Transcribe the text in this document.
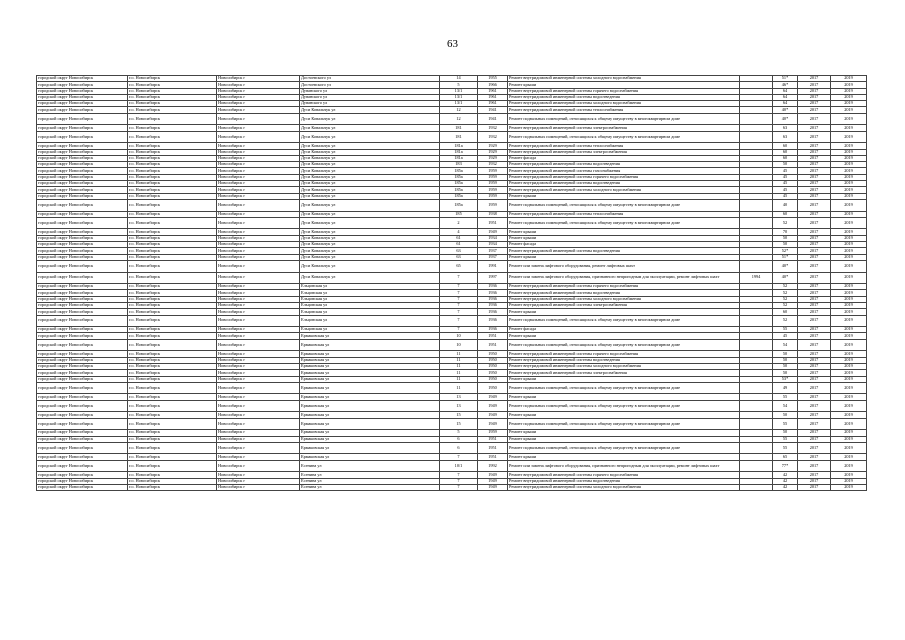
63
городской округ Новосибирск	г.о. Новосибирск	Новосибирск г	Достоевского ул	14	1955	Ремонт внутридомовой инженерной системы холодного водоснабжения		51*	2017	2019
городской округ Новосибирск	г.о. Новосибирск	Новосибирск г	Достоевского ул	5	1966	Ремонт крыши		46*	2017	2019
городской округ Новосибирск	г.о. Новосибирск	Новосибирск г	Дуванского ул	13/1	1961	Ремонт внутридомовой инженерной системы горячего водоснабжения		64	2017	2019
городской округ Новосибирск	г.о. Новосибирск	Новосибирск г	Дуванского ул	13/1	1961	Ремонт внутридомовой инженерной системы водоотведения		64	2017	2019
городской округ Новосибирск	г.о. Новосибирск	Новосибирск г	Дуванского ул	13/1	1961	Ремонт внутридомовой инженерной системы холодного водоснабжения		64	2017	2019
городской округ Новосибирск	г.о. Новосибирск	Новосибирск г	Дуси Ковальчук ул	12	1941	Ремонт внутридомовой инженерной системы теплоснабжения		40*	2017	2019
городской округ Новосибирск	г.о. Новосибирск	Новосибирск г	Дуси Ковальчук ул	12	1941	Ремонт подвальных помещений, относящихся к общему имуществу в многоквартирном доме		40*	2017	2019
городской округ Новосибирск	г.о. Новосибирск	Новосибирск г	Дуси Ковальчук ул	181	1932	Ремонт внутридомовой инженерной системы электроснабжения		63	2017	2019
городской округ Новосибирск	г.о. Новосибирск	Новосибирск г	Дуси Ковальчук ул	181	1932	Ремонт подвальных помещений, относящихся к общему имуществу в многоквартирном доме		63	2017	2019
городской округ Новосибирск	г.о. Новосибирск	Новосибирск г	Дуси Ковальчук ул	181а	1929	Ремонт внутридомовой инженерной системы теплоснабжения		60	2017	2019
городской округ Новосибирск	г.о. Новосибирск	Новосибирск г	Дуси Ковальчук ул	181а	1929	Ремонт внутридомовой инженерной системы электроснабжения		60	2017	2019
городской округ Новосибирск	г.о. Новосибирск	Новосибирск г	Дуси Ковальчук ул	181а	1929	Ремонт фасада		60	2017	2019
городской округ Новосибирск	г.о. Новосибирск	Новосибирск г	Дуси Ковальчук ул	183	1932	Ремонт внутридомовой инженерной системы водоотведения		50	2017	2019
городской округ Новосибирск	г.о. Новосибирск	Новосибирск г	Дуси Ковальчук ул	185а	1959	Ремонт внутридомовой инженерной системы газоснабжения		45	2017	2019
городской округ Новосибирск	г.о. Новосибирск	Новосибирск г	Дуси Ковальчук ул	185а	1959	Ремонт внутридомовой инженерной системы горячего водоснабжения		45	2017	2019
городской округ Новосибирск	г.о. Новосибирск	Новосибирск г	Дуси Ковальчук ул	185а	1959	Ремонт внутридомовой инженерной системы водоотведения		45	2017	2019
городской округ Новосибирск	г.о. Новосибирск	Новосибирск г	Дуси Ковальчук ул	185а	1959	Ремонт внутридомовой инженерной системы холодного водоснабжения		45	2017	2019
городской округ Новосибирск	г.о. Новосибирск	Новосибирск г	Дуси Ковальчук ул	185а	1959	Ремонт крыши		45	2017	2019
городской округ Новосибирск	г.о. Новосибирск	Новосибирск г	Дуси Ковальчук ул	185а	1959	Ремонт подвальных помещений, относящихся к общему имуществу в многоквартирном доме		40	2017	2019
городской округ Новосибирск	г.о. Новосибирск	Новосибирск г	Дуси Ковальчук ул	185	1938	Ремонт внутридомовой инженерной системы теплоснабжения		60	2017	2019
городской округ Новосибирск	г.о. Новосибирск	Новосибирск г	Дуси Ковальчук ул	2	1951	Ремонт подвальных помещений, относящихся к общему имуществу в многоквартирном доме		52	2017	2019
городской округ Новосибирск	г.о. Новосибирск	Новосибирск г	Дуси Ковальчук ул	4	1949	Ремонт крыши		70	2017	2019
городской округ Новосибирск	г.о. Новосибирск	Новосибирск г	Дуси Ковальчук ул	61	1934	Ремонт крыши		50	2017	2019
городской округ Новосибирск	г.о. Новосибирск	Новосибирск г	Дуси Ковальчук ул	61	1934	Ремонт фасада		50	2017	2019
городской округ Новосибирск	г.о. Новосибирск	Новосибирск г	Дуси Ковальчук ул	63	1937	Ремонт внутридомовой инженерной системы водоотведения		52*	2017	2019
городской округ Новосибирск	г.о. Новосибирск	Новосибирск г	Дуси Ковальчук ул	63	1937	Ремонт крыши		51*	2017	2019
городской округ Новосибирск	г.о. Новосибирск	Новосибирск г	Дуси Ковальчук ул	65	1991	Ремонт или замена лифтового оборудования, ремонт лифтовых шахт		40*	2017	2019
городской округ Новосибирск	г.о. Новосибирск	Новосибирск г	Дуси Ковальчук ул	7	1997	Ремонт или замена лифтового оборудования, признанного непригодным для эксплуатации, ремонт лифтовых шахт	1994	40*	2017	2019
городской округ Новосибирск	г.о. Новосибирск	Новосибирск г	Ельцовская ул	7	1936	Ремонт внутридомовой инженерной системы горячего водоснабжения		52	2017	2019
городской округ Новосибирск	г.о. Новосибирск	Новосибирск г	Ельцовская ул	7	1936	Ремонт внутридомовой инженерной системы водоотведения		52	2017	2019
городской округ Новосибирск	г.о. Новосибирск	Новосибирск г	Ельцовская ул	7	1936	Ремонт внутридомовой инженерной системы холодного водоснабжения		52	2017	2019
городской округ Новосибирск	г.о. Новосибирск	Новосибирск г	Ельцовская ул	7	1936	Ремонт внутридомовой инженерной системы электроснабжения		52	2017	2019
городской округ Новосибирск	г.о. Новосибирск	Новосибирск г	Ельцовская ул	7	1936	Ремонт крыши		60	2017	2019
городской округ Новосибирск	г.о. Новосибирск	Новосибирск г	Ельцовская ул	7	1936	Ремонт подвальных помещений, относящихся к общему имуществу в многоквартирном доме		52	2017	2019
городской округ Новосибирск	г.о. Новосибирск	Новосибирск г	Ельцовская ул	7	1936	Ремонт фасада		55	2017	2019
городской округ Новосибирск	г.о. Новосибирск	Новосибирск г	Ермаковская ул	10	1951	Ремонт крыши		45	2017	2019
городской округ Новосибирск	г.о. Новосибирск	Новосибирск г	Ермаковская ул	10	1951	Ремонт подвальных помещений, относящихся к общему имуществу в многоквартирном доме		54	2017	2019
городской округ Новосибирск	г.о. Новосибирск	Новосибирск г	Ермаковская ул	11	1950	Ремонт внутридомовой инженерной системы горячего водоснабжения		50	2017	2019
городской округ Новосибирск	г.о. Новосибирск	Новосибирск г	Ермаковская ул	11	1950	Ремонт внутридомовой инженерной системы водоотведения		50	2017	2019
городской округ Новосибирск	г.о. Новосибирск	Новосибирск г	Ермаковская ул	11	1950	Ремонт внутридомовой инженерной системы холодного водоснабжения		50	2017	2019
городской округ Новосибирск	г.о. Новосибирск	Новосибирск г	Ермаковская ул	11	1950	Ремонт внутридомовой инженерной системы электроснабжения		50	2017	2019
городской округ Новосибирск	г.о. Новосибирск	Новосибирск г	Ермаковская ул	11	1950	Ремонт крыши		53*	2017	2019
городской округ Новосибирск	г.о. Новосибирск	Новосибирск г	Ермаковская ул	11	1950	Ремонт подвальных помещений, относящихся к общему имуществу в многоквартирном доме		49	2017	2019
городской округ Новосибирск	г.о. Новосибирск	Новосибирск г	Ермаковская ул	13	1949	Ремонт крыши		55	2017	2019
городской округ Новосибирск	г.о. Новосибирск	Новосибирск г	Ермаковская ул	13	1949	Ремонт подвальных помещений, относящихся к общему имуществу в многоквартирном доме		54	2017	2019
городской округ Новосибирск	г.о. Новосибирск	Новосибирск г	Ермаковская ул	15	1949	Ремонт крыши		50	2017	2019
городской округ Новосибирск	г.о. Новосибирск	Новосибирск г	Ермаковская ул	15	1949	Ремонт подвальных помещений, относящихся к общему имуществу в многоквартирном доме		55	2017	2019
городской округ Новосибирск	г.о. Новосибирск	Новосибирск г	Ермаковская ул	5	1959	Ремонт крыши		50	2017	2019
городской округ Новосибирск	г.о. Новосибирск	Новосибирск г	Ермаковская ул	6	1951	Ремонт крыши		55	2017	2019
городской округ Новосибирск	г.о. Новосибирск	Новосибирск г	Ермаковская ул	6	1951	Ремонт подвальных помещений, относящихся к общему имуществу в многоквартирном доме		55	2017	2019
городской округ Новосибирск	г.о. Новосибирск	Новосибирск г	Ермаковская ул	7	1951	Ремонт крыши		65	2017	2019
городской округ Новосибирск	г.о. Новосибирск	Новосибирск г	Есенина ул	10/1	1992	Ремонт или замена лифтового оборудования, признанного непригодным для эксплуатации, ремонт лифтовых шахт		77*	2017	2019
городской округ Новосибирск	г.о. Новосибирск	Новосибирск г	Есенина ул	7	1949	Ремонт внутридомовой инженерной системы горячего водоснабжения		42	2017	2019
городской округ Новосибирск	г.о. Новосибирск	Новосибирск г	Есенина ул	7	1949	Ремонт внутридомовой инженерной системы водоотведения		42	2017	2019
городской округ Новосибирск	г.о. Новосибирск	Новосибирск г	Есенина ул	7	1949	Ремонт внутридомовой инженерной системы холодного водоснабжения		42	2017	2019
